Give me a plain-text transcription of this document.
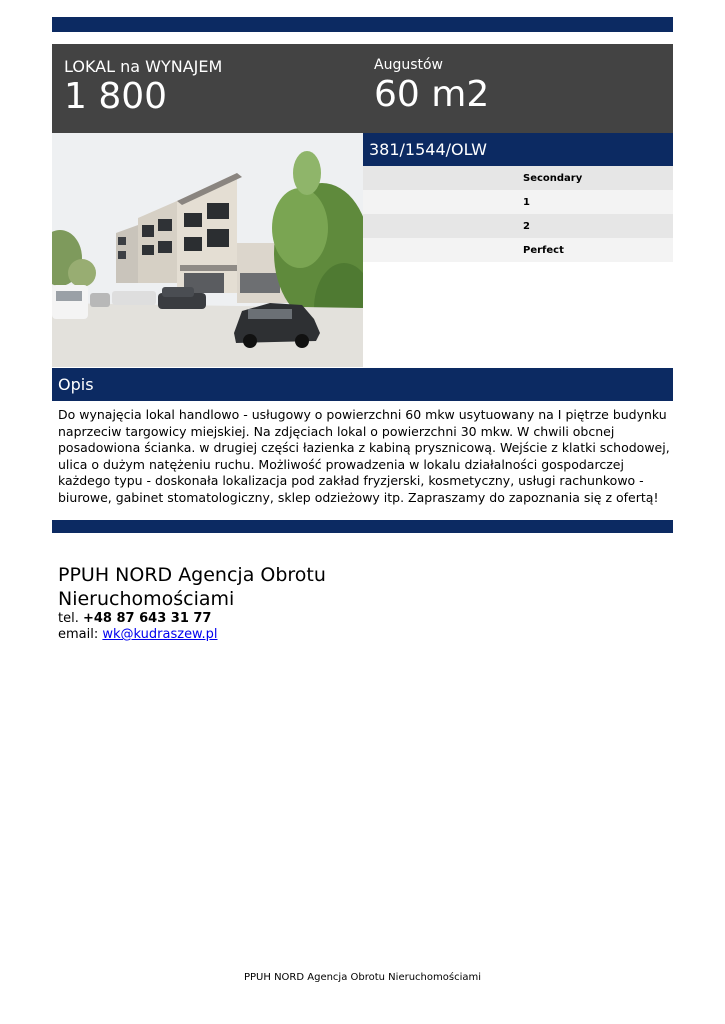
LOKAL na WYNAJEM
1 800
Augustów
60 m2
381/1544/OLW
Secondary
1
2
Perfect
Opis
Do wynajęcia lokal handlowo - usługowy o powierzchni 60 mkw usytuowany na I piętrze budynku naprzeciw targowicy miejskiej. Na zdjęciach lokal o powierzchni 30 mkw. W chwili obcnej posadowiona ścianka. w drugiej części łazienka z kabiną prysznicową. Wejście z klatki schodowej, ulica o dużym natężeniu ruchu. Możliwość prowadzenia w lokalu działalności gospodarczej każdego typu - doskonała lokalizacja pod zakład fryzjerski, kosmetyczny, usługi rachunkowo - biurowe, gabinet stomatologiczny, sklep odzieżowy itp. Zapraszamy do zapoznania się z ofertą!
PPUH NORD Agencja Obrotu Nieruchomościami
tel. +48 87 643 31 77
email: wk@kudraszew.pl
PPUH NORD Agencja Obrotu Nieruchomościami
